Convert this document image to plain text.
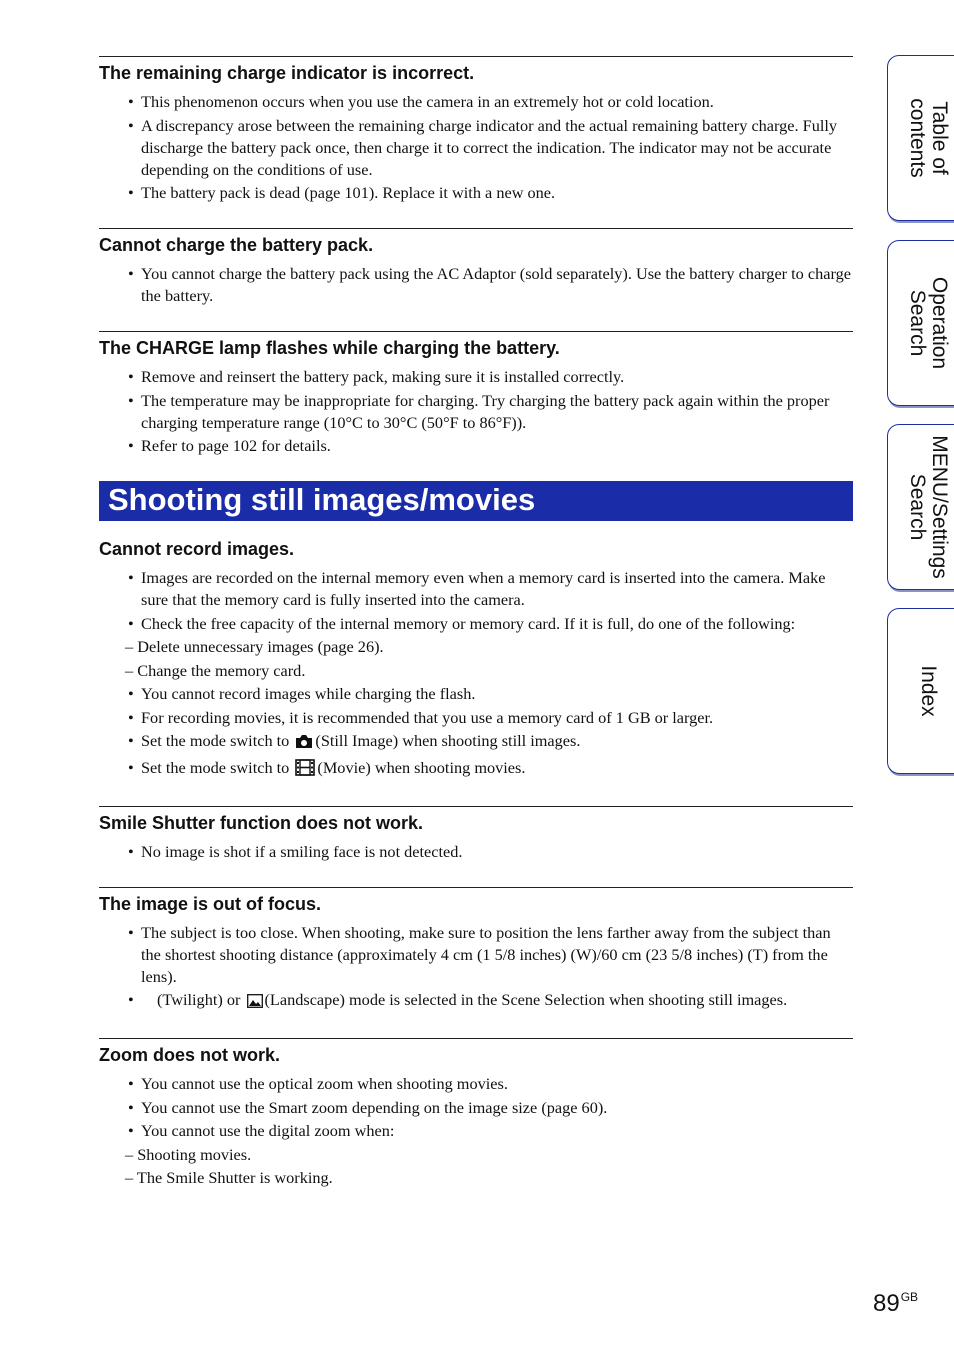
The remaining charge indicator is incorrect.
• This phenomenon occurs when you use the camera in an extremely hot or cold location.
• A discrepancy arose between the remaining charge indicator and the actual remaining battery charge. Fully discharge the battery pack once, then charge it to correct the indication. The indicator may not be accurate depending on the conditions of use.
• The battery pack is dead (page 101). Replace it with a new one.
Cannot charge the battery pack.
• You cannot charge the battery pack using the AC Adaptor (sold separately). Use the battery charger to charge the battery.
The CHARGE lamp flashes while charging the battery.
• Remove and reinsert the battery pack, making sure it is installed correctly.
• The temperature may be inappropriate for charging. Try charging the battery pack again within the proper charging temperature range (10°C to 30°C (50°F to 86°F)).
• Refer to page 102 for details.
Shooting still images/movies
Cannot record images.
• Images are recorded on the internal memory even when a memory card is inserted into the camera. Make sure that the memory card is fully inserted into the camera.
• Check the free capacity of the internal memory or memory card. If it is full, do one of the following:
– Delete unnecessary images (page 26).
– Change the memory card.
• You cannot record images while charging the flash.
• For recording movies, it is recommended that you use a memory card of 1 GB or larger.
• Set the mode switch to (Still Image) when shooting still images.
• Set the mode switch to (Movie) when shooting movies.
Smile Shutter function does not work.
• No image is shot if a smiling face is not detected.
The image is out of focus.
• The subject is too close. When shooting, make sure to position the lens farther away from the subject than the shortest shooting distance (approximately 4 cm (1 5/8 inches) (W)/60 cm (23 5/8 inches) (T) from the lens).
• (Twilight) or (Landscape) mode is selected in the Scene Selection when shooting still images.
Zoom does not work.
• You cannot use the optical zoom when shooting movies.
• You cannot use the Smart zoom depending on the image size (page 60).
• You cannot use the digital zoom when:
– Shooting movies.
– The Smile Shutter is working.
Table of
contents
Operation
Search
MENU/Settings
Search
Index
$89^{GB}$
